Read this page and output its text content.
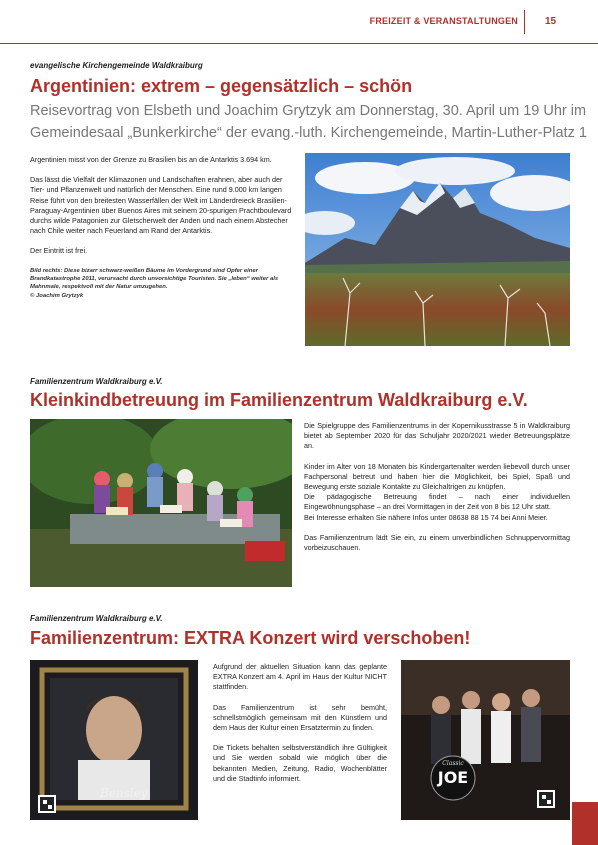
FREIZEIT & VERANSTALTUNGEN	15
evangelische Kirchengemeinde Waldkraiburg
Argentinien: extrem – gegensätzlich – schön
Reisevortrag von Elsbeth und Joachim Grytzyk am Donnerstag, 30. April um 19 Uhr im
Gemeindesaal „Bunkerkirche“ der evang.-luth. Kirchengemeinde, Martin-Luther-Platz 1

Argentinien misst von der Grenze zu Brasilien bis an die Antarktis 3.694 km.

Das lässt die Vielfalt der Klimazonen und Landschaften erahnen, aber auch der Tier- und Pflanzenwelt und natürlich der Menschen. Eine rund 9.000 km langen Reise führt von den breitesten Wasserfällen der Welt im Länderdreieck Brasilien-Paraguay-Argentinien über Buenos Aires mit seinem 20-spurigen Prachtboulevard durchs wilde Patagonien zur Gletscherwelt der Anden und nach einem Abstecher nach Chile weiter nach Feuerland am Rand der Antarktis.

Der Eintritt ist frei.

Bild rechts: Diese bizarr schwarz-weißen Bäume im Vordergrund sind Opfer einer Brandkatastrophe 2011, verursacht durch unvorsichtige Touristen. Sie „leben“ weiter als Mahnmale, respektvoll mit der Natur umzugehen.
© Joachim Grytzyk
Familienzentrum Waldkraiburg e.V.
Kleinkindbetreuung im Familienzentrum Waldkraiburg e.V.

Die Spielgruppe des Familienzentrums in der Kopernikusstrasse 5 in Waldkraiburg bietet ab September 2020 für das Schuljahr 2020/2021 wieder Betreuungsplätze an.

Kinder im Alter von 18 Monaten bis Kindergartenalter werden liebevoll durch unser Fachpersonal betreut und haben hier die Möglichkeit, bei Spiel, Spaß und Bewegung erste soziale Kontakte zu Gleichaltrigen zu knüpfen.

Die pädagogische Betreuung findet – nach einer individuellen Eingewöhnungsphase – an drei Vormittagen in der Zeit von 8 bis 12 Uhr statt.

Bei Interesse erhalten Sie nähere Infos unter 08638 88 15 74 bei Anni Meier.

Das Familienzentrum lädt Sie ein, zu einem unverbindlichen Schnuppervormittag vorbeizuschauen.

Familienzentrum Waldkraiburg e.V.
Familienzentrum: EXTRA Konzert wird verschoben!
Bensley

Aufgrund der aktuellen Situation kann das geplante EXTRA Konzert am 4. April im Haus der Kultur NICHT stattfinden.

Das Familienzentrum ist sehr bemüht, schnellstmöglich gemeinsam mit den Künstlern und dem Haus der Kultur einen Ersatztermin zu finden.

Die Tickets behalten selbstverständlich ihre Gültigkeit und Sie werden sobald wie möglich über die bekannten Medien, Zeitung, Radio, Wochenblätter und die Stadtinfo informiert.

Classic
JOE
